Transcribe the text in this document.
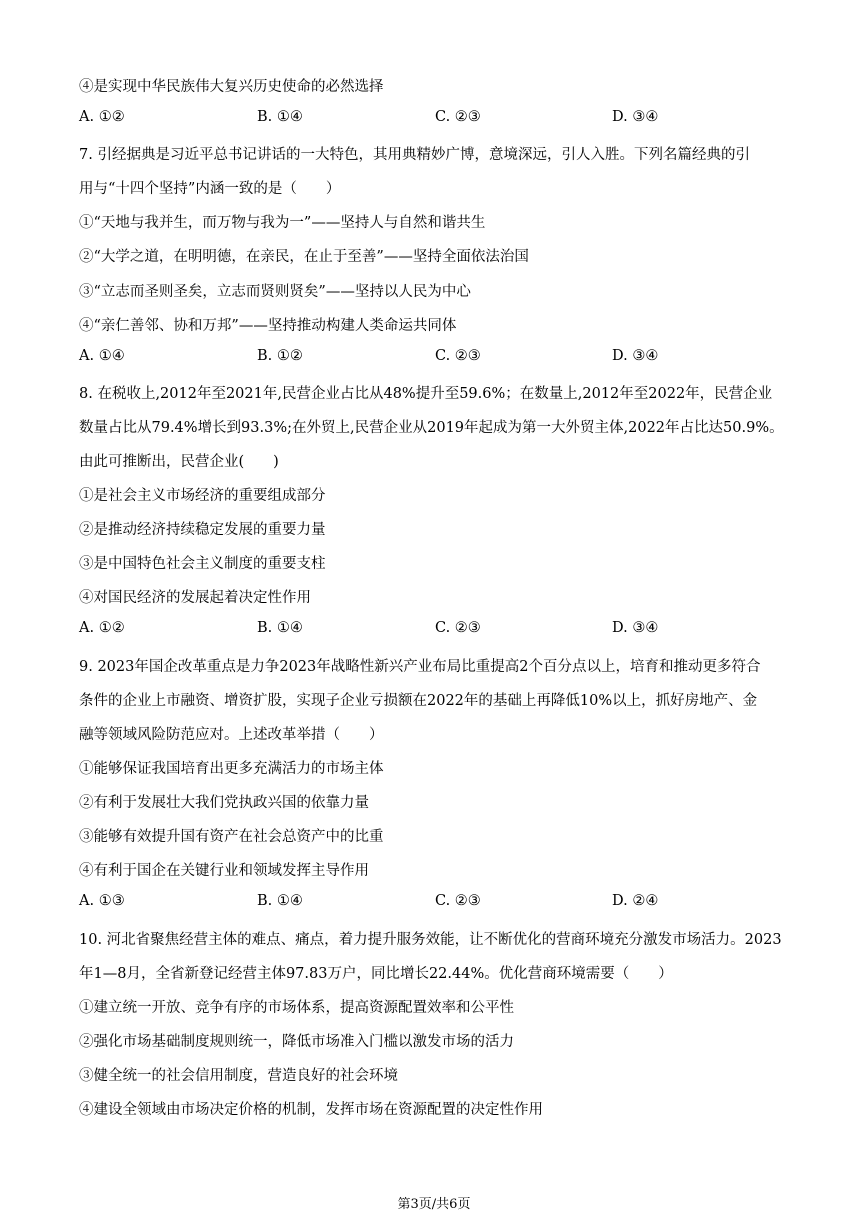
④是实现中华民族伟大复兴历史使命的必然选择
A. ①②	B. ①④	C. ②③	D. ③④
7. 引经据典是习近平总书记讲话的一大特色，其用典精妙广博，意境深远，引人入胜。下列名篇经典的引
用与“十四个坚持”内涵一致的是（　　）
①“天地与我并生，而万物与我为一”——坚持人与自然和谐共生
②“大学之道，在明明德，在亲民，在止于至善”——坚持全面依法治国
③“立志而圣则圣矣，立志而贤则贤矣”——坚持以人民为中心
④“亲仁善邻、协和万邦”——坚持推动构建人类命运共同体
A. ①④	B. ①②	C. ②③	D. ③④
8. 在税收上,2012年至2021年,民营企业占比从48%提升至59.6%；在数量上,2012年至2022年，民营企业
数量占比从79.4%增长到93.3%;在外贸上,民营企业从2019年起成为第一大外贸主体,2022年占比达50.9%。
由此可推断出，民营企业(　　)
①是社会主义市场经济的重要组成部分
②是推动经济持续稳定发展的重要力量
③是中国特色社会主义制度的重要支柱
④对国民经济的发展起着决定性作用
A. ①②	B. ①④	C. ②③	D. ③④
9. 2023年国企改革重点是力争2023年战略性新兴产业布局比重提高2个百分点以上，培育和推动更多符合
条件的企业上市融资、增资扩股，实现子企业亏损额在2022年的基础上再降低10%以上，抓好房地产、金
融等领域风险防范应对。上述改革举措（　　）
①能够保证我国培育出更多充满活力的市场主体
②有利于发展壮大我们党执政兴国的依靠力量
③能够有效提升国有资产在社会总资产中的比重
④有利于国企在关键行业和领域发挥主导作用
A. ①③	B. ①④	C. ②③	D. ②④
10. 河北省聚焦经营主体的难点、痛点，着力提升服务效能，让不断优化的营商环境充分激发市场活力。2023
年1—8月，全省新登记经营主体97.83万户，同比增长22.44%。优化营商环境需要（　　）
①建立统一开放、竞争有序的市场体系，提高资源配置效率和公平性
②强化市场基础制度规则统一，降低市场准入门槛以激发市场的活力
③健全统一的社会信用制度，营造良好的社会环境
④建设全领域由市场决定价格的机制，发挥市场在资源配置的决定性作用
第3页/共6页
